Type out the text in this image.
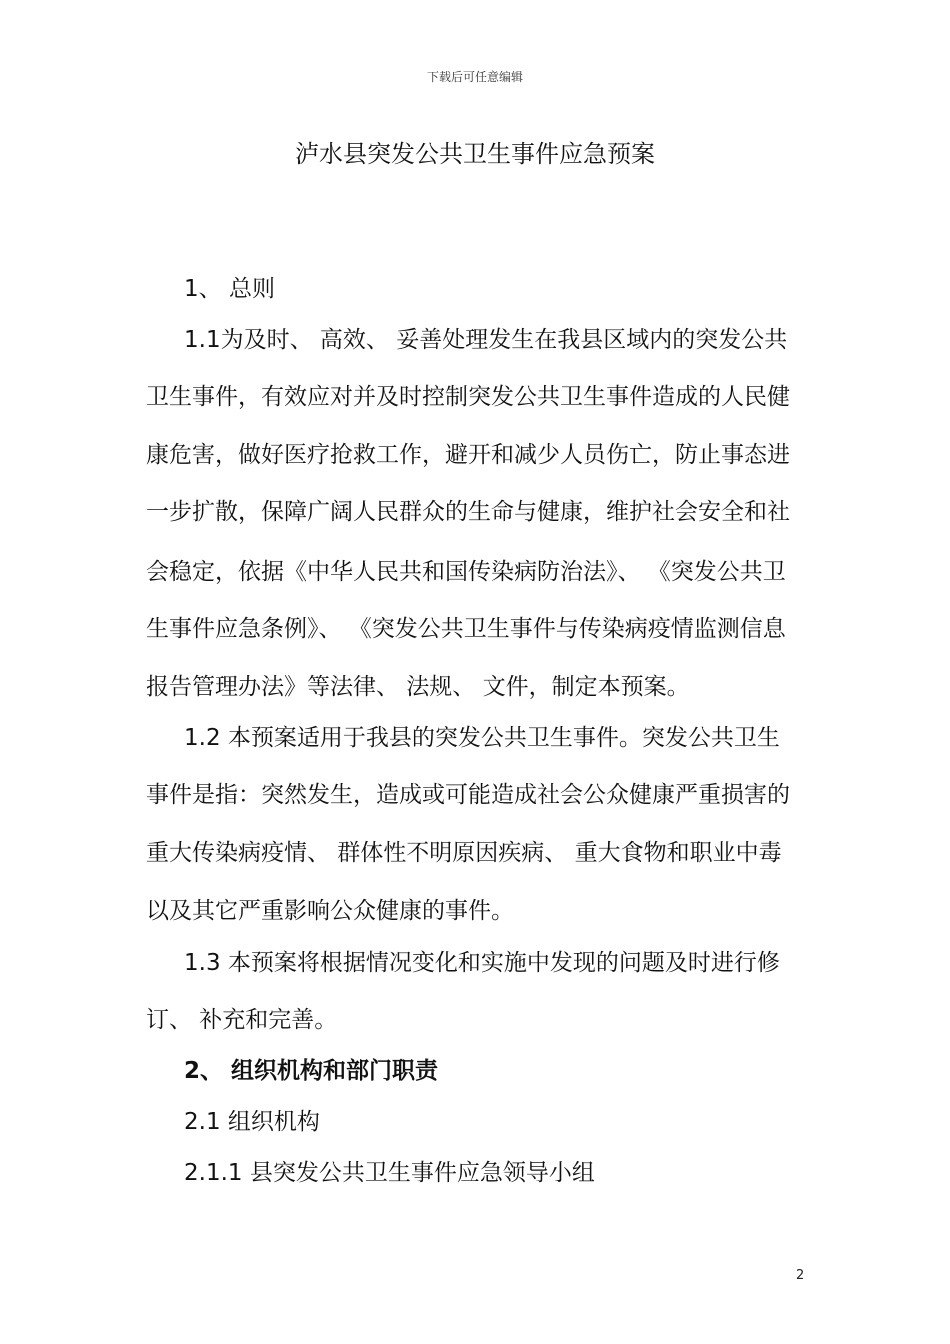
下载后可任意编辑
泸水县突发公共卫生事件应急预案
1、 总则
1.1为及时、 高效、 妥善处理发生在我县区域内的突发公共
卫生事件，有效应对并及时控制突发公共卫生事件造成的人民健
康危害，做好医疗抢救工作，避开和减少人员伤亡，防止事态进
一步扩散，保障广阔人民群众的生命与健康，维护社会安全和社
会稳定，依据《中华人民共和国传染病防治法》、 《突发公共卫
生事件应急条例》、 《突发公共卫生事件与传染病疫情监测信息
报告管理办法》等法律、 法规、 文件，制定本预案。
1.2 本预案适用于我县的突发公共卫生事件。突发公共卫生
事件是指：突然发生，造成或可能造成社会公众健康严重损害的
重大传染病疫情、 群体性不明原因疾病、 重大食物和职业中毒
以及其它严重影响公众健康的事件。
1.3 本预案将根据情况变化和实施中发现的问题及时进行修
订、 补充和完善。
2、 组织机构和部门职责
2.1 组织机构
2.1.1 县突发公共卫生事件应急领导小组
2
